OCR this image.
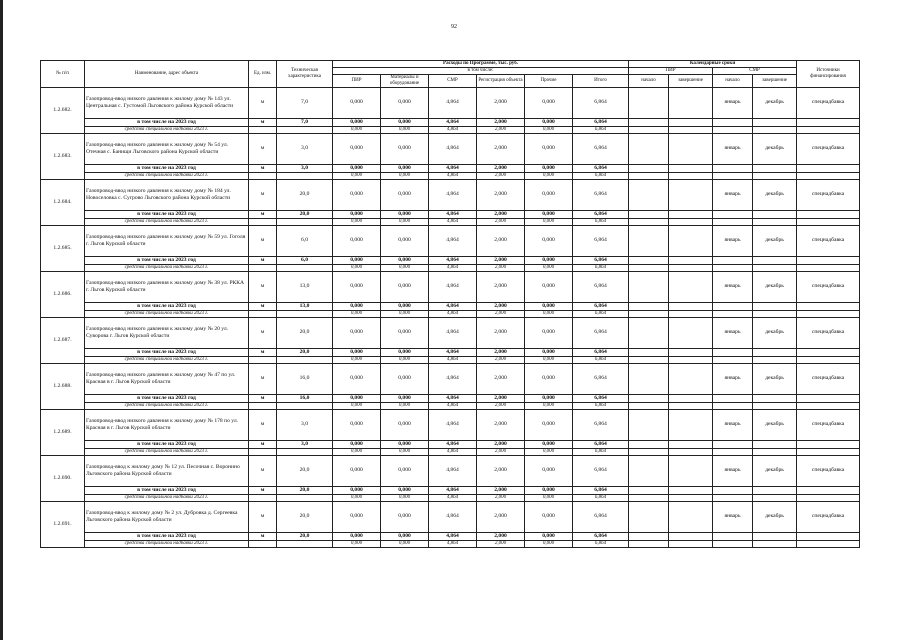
92
№ п/п	Наименование, адрес объекта	Ед. изм.	Техническая характеристика	Расходы по Программе, тыс. руб.						Календарные сроки				Источники финансирования
				в том числе:						ПИР		СМР		
				ПИР	Материалы и оборудование	СМР	Регистрация объекта	Прочие	Итого	начало	завершение	начало	завершение	
1.2.682.	Газопровод-ввод низкого давления к жилому дому № 143 ул. Центральная с. Густомой Льговского района Курской области	м	7,0	0,000	0,000	4,864	2,000	0,000	6,864			январь	декабрь	спецнадбавка
	в том числе на 2023 год	м	7,0	0,000	0,000	4,864	2,000	0,000	6,864					
	средства специальной надбавки 2023 г.			0,000	0,000	4,864	2,000	0,000	6,864					
1.2.683.	Газопровод-ввод низкого давления к жилому дому № 54 ул. Отечная с. Банищи Льговского района Курской области	м	3,0	0,000	0,000	4,864	2,000	0,000	6,864			январь	декабрь	спецнадбавка
	в том числе на 2023 год	м	3,0	0,000	0,000	4,864	2,000	0,000	6,864					
	средства специальной надбавки 2023 г.			0,000	0,000	4,864	2,000	0,000	6,864					
1.2.684.	Газопровод-ввод низкого давления к жилому дому № 184 ул. Новоселовка с. Сугрово Льговского района Курской области	м	20,0	0,000	0,000	4,864	2,000	0,000	6,864			январь	декабрь	спецнадбавка
	в том числе на 2023 год	м	20,0	0,000	0,000	4,864	2,000	0,000	6,864					
	средства специальной надбавки 2023 г.			0,000	0,000	4,864	2,000	0,000	6,864					
1.2.685.	Газопровод-ввод низкого давления к жилому дому № 59 ул. Гоголя г. Льгов Курской области	м	6,0	0,000	0,000	4,864	2,000	0,000	6,864			январь	декабрь	спецнадбавка
	в том числе на 2023 год	м	6,0	0,000	0,000	4,864	2,000	0,000	6,864					
	средства специальной надбавки 2023 г.			0,000	0,000	4,864	2,000	0,000	6,864					
1.2.686.	Газопровод-ввод низкого давления к жилому дому № 38 ул. РККА г. Льгов Курской области	м	13,0	0,000	0,000	4,864	2,000	0,000	6,864			январь	декабрь	спецнадбавка
	в том числе на 2023 год	м	13,0	0,000	0,000	4,864	2,000	0,000	6,864					
	средства специальной надбавки 2023 г.			0,000	0,000	4,864	2,000	0,000	6,864					
1.2.687.	Газопровод-ввод низкого давления к жилому дому № 20 ул. Суворова г. Льгов Курской области	м	20,0	0,000	0,000	4,864	2,000	0,000	6,864			январь	декабрь	спецнадбавка
	в том числе на 2023 год	м	20,0	0,000	0,000	4,864	2,000	0,000	6,864					
	средства специальной надбавки 2023 г.			0,000	0,000	4,864	2,000	0,000	6,864					
1.2.688.	Газопровод-ввод низкого давления к жилому дому № 47 по ул. Красная в г. Льгов Курской области	м	16,0	0,000	0,000	4,864	2,000	0,000	6,864			январь	декабрь	спецнадбавка
	в том числе на 2023 год	м	16,0	0,000	0,000	4,864	2,000	0,000	6,864					
	средства специальной надбавки 2023 г.			0,000	0,000	4,864	2,000	0,000	6,864					
1.2.689.	Газопровод-ввод низкого давления к жилому дому № 178 по ул. Красная в г. Льгов Курской области	м	3,0	0,000	0,000	4,864	2,000	0,000	6,864			январь	декабрь	спецнадбавка
	в том числе на 2023 год	м	3,0	0,000	0,000	4,864	2,000	0,000	6,864					
	средства специальной надбавки 2023 г.			0,000	0,000	4,864	2,000	0,000	6,864					
1.2.690.	Газопровод-ввод к жилому дому № 12 ул. Песочная с. Воронино Льговского района Курской области	м	20,0	0,000	0,000	4,864	2,000	0,000	6,864			январь	декабрь	спецнадбавка
	в том числе на 2023 год	м	20,0	0,000	0,000	4,864	2,000	0,000	6,864					
	средства специальной надбавки 2023 г.			0,000	0,000	4,864	2,000	0,000	6,864					
1.2.691.	Газопровод-ввод к жилому дому № 2 ул. Дубровка д. Сергеевка Льговского района Курской области	м	20,0	0,000	0,000	4,864	2,000	0,000	6,864			январь	декабрь	спецнадбавка
	в том числе на 2023 год	м	20,0	0,000	0,000	4,864	2,000	0,000	6,864					
	средства специальной надбавки 2023 г.			0,000	0,000	4,864	2,000	0,000	6,864					
